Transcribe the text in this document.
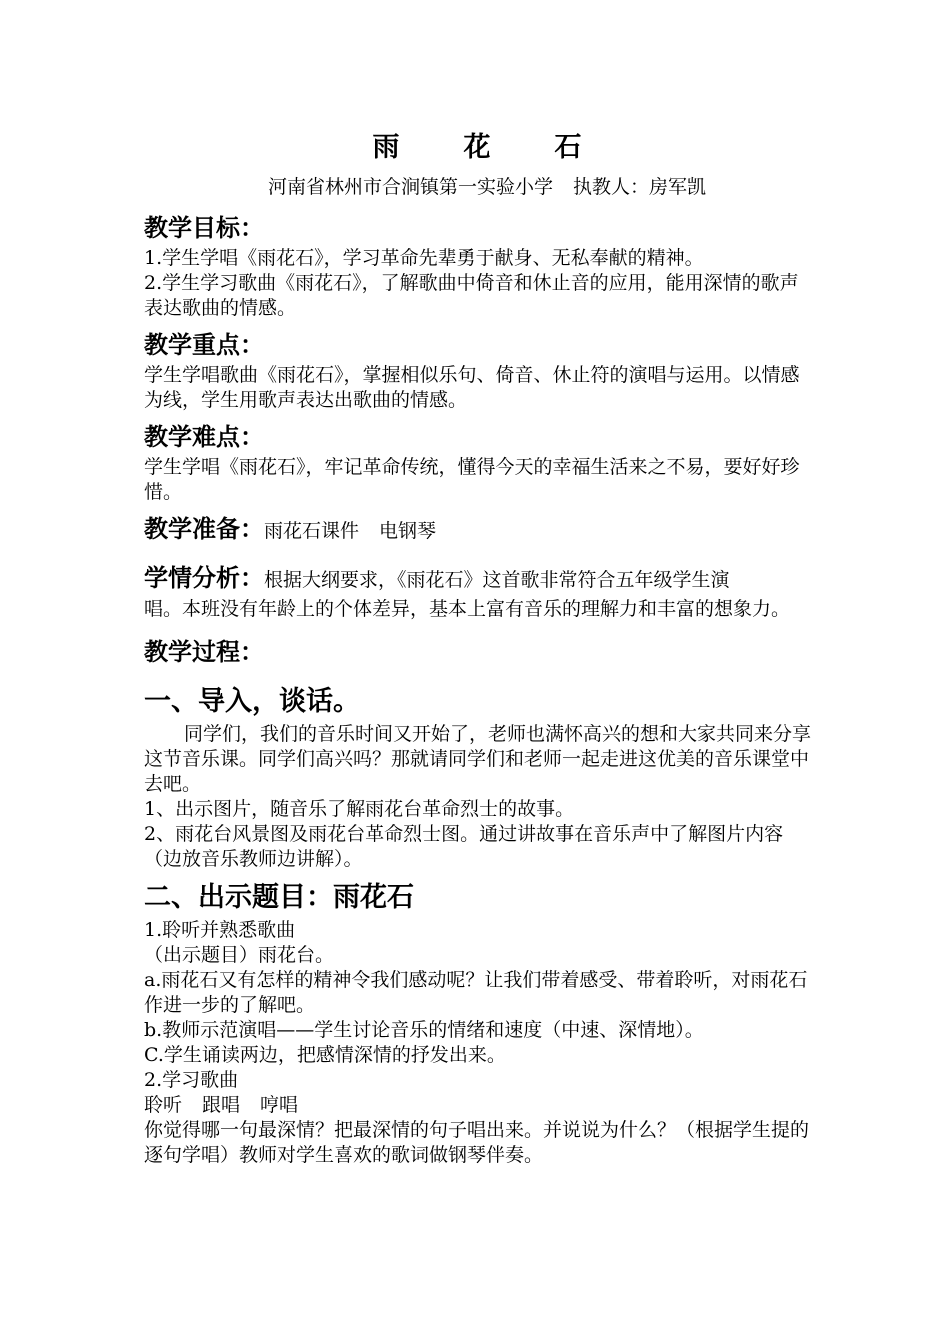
雨 花 石
河南省林州市合涧镇第一实验小学 执教人：房军凯
教学目标：
1.学生学唱《雨花石》，学习革命先辈勇于献身、无私奉献的精神。
2.学生学习歌曲《雨花石》，了解歌曲中倚音和休止音的应用，能用深情的歌声表达歌曲的情感。
教学重点：
学生学唱歌曲《雨花石》，掌握相似乐句、倚音、休止符的演唱与运用。以情感为线，学生用歌声表达出歌曲的情感。
教学难点：
学生学唱《雨花石》，牢记革命传统，懂得今天的幸福生活来之不易，要好好珍惜。
教学准备：雨花石课件 电钢琴
学情分析：根据大纲要求，《雨花石》这首歌非常符合五年级学生演
唱。本班没有年龄上的个体差异，基本上富有音乐的理解力和丰富的想象力。
教学过程：
一、导入，谈话。
同学们，我们的音乐时间又开始了，老师也满怀高兴的想和大家共同来分享这节音乐课。同学们高兴吗？那就请同学们和老师一起走进这优美的音乐课堂中去吧。
1、出示图片，随音乐了解雨花台革命烈士的故事。
2、雨花台风景图及雨花台革命烈士图。通过讲故事在音乐声中了解图片内容（边放音乐教师边讲解）。
二、出示题目：雨花石
1.聆听并熟悉歌曲
（出示题目）雨花台。
a.雨花石又有怎样的精神令我们感动呢？让我们带着感受、带着聆听，对雨花石作进一步的了解吧。
b.教师示范演唱——学生讨论音乐的情绪和速度（中速、深情地）。
C.学生诵读两边，把感情深情的抒发出来。
2.学习歌曲
聆听 跟唱 哼唱
你觉得哪一句最深情？把最深情的句子唱出来。并说说为什么？（根据学生提的逐句学唱）教师对学生喜欢的歌词做钢琴伴奏。
